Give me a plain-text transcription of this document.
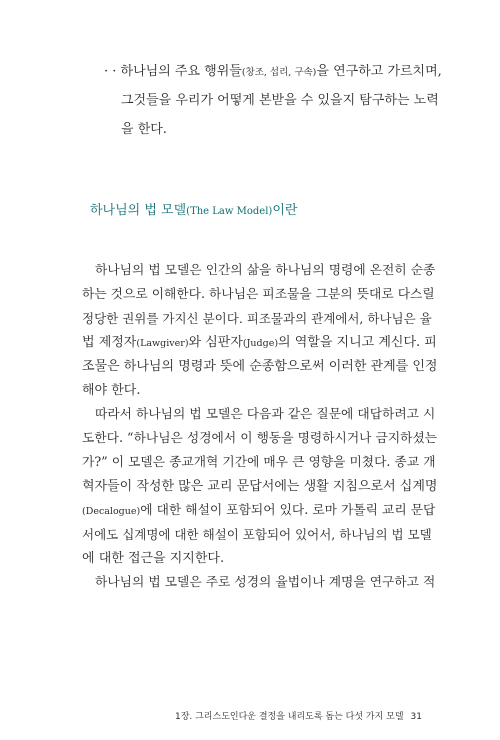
· · 하나님의 주요 행위들(창조, 섭리, 구속)을 연구하고 가르치며,
그것들을 우리가 어떻게 본받을 수 있을지 탐구하는 노력
을 한다.
하나님의 법 모델(The Law Model)이란
하나님의 법 모델은 인간의 삶을 하나님의 명령에 온전히 순종
하는 것으로 이해한다. 하나님은 피조물을 그분의 뜻대로 다스릴
정당한 권위를 가지신 분이다. 피조물과의 관계에서, 하나님은 율
법 제정자(Lawgiver)와 심판자(Judge)의 역할을 지니고 계신다. 피
조물은 하나님의 명령과 뜻에 순종함으로써 이러한 관계를 인정
해야 한다.
따라서 하나님의 법 모델은 다음과 같은 질문에 대답하려고 시
도한다. “하나님은 성경에서 이 행동을 명령하시거나 금지하셨는
가?” 이 모델은 종교개혁 기간에 매우 큰 영향을 미쳤다. 종교 개
혁자들이 작성한 많은 교리 문답서에는 생활 지침으로서 십계명
(Decalogue)에 대한 해설이 포함되어 있다. 로마 가톨릭 교리 문답
서에도 십계명에 대한 해설이 포함되어 있어서, 하나님의 법 모델
에 대한 접근을 지지한다.
하나님의 법 모델은 주로 성경의 율법이나 계명을 연구하고 적
1장. 그리스도인다운 결정을 내리도록 돕는 다섯 가지 모델 31
